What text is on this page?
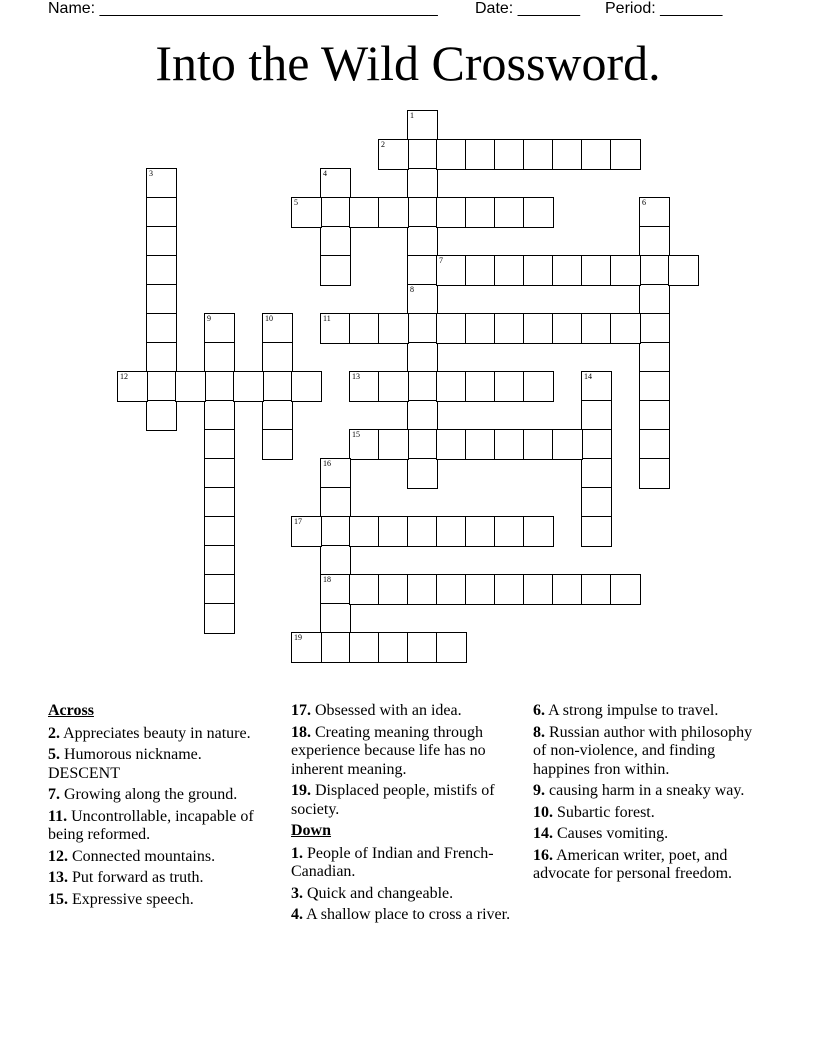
Name: ______________________________________ Date: _______ Period: _______
Into the Wild Crossword.
1
8
2
3	4
5	6
7
9	10	11
12	13	14
15
16
18
17
19
Across
2. Appreciates beauty in nature.
5. Humorous nickname. DESCENT
7. Growing along the ground.
11. Uncontrollable, incapable of being reformed.
12. Connected mountains.
13. Put forward as truth.
15. Expressive speech.
17. Obsessed with an idea.
18. Creating meaning through experience because life has no inherent meaning.
19. Displaced people, mistifs of society.
Down
1. People of Indian and French-Canadian.
3. Quick and changeable.
4. A shallow place to cross a river.
6. A strong impulse to travel.
8. Russian author with philosophy of non-violence, and finding happines fron within.
9. causing harm in a sneaky way.
10. Subartic forest.
14. Causes vomiting.
16. American writer, poet, and advocate for personal freedom.
